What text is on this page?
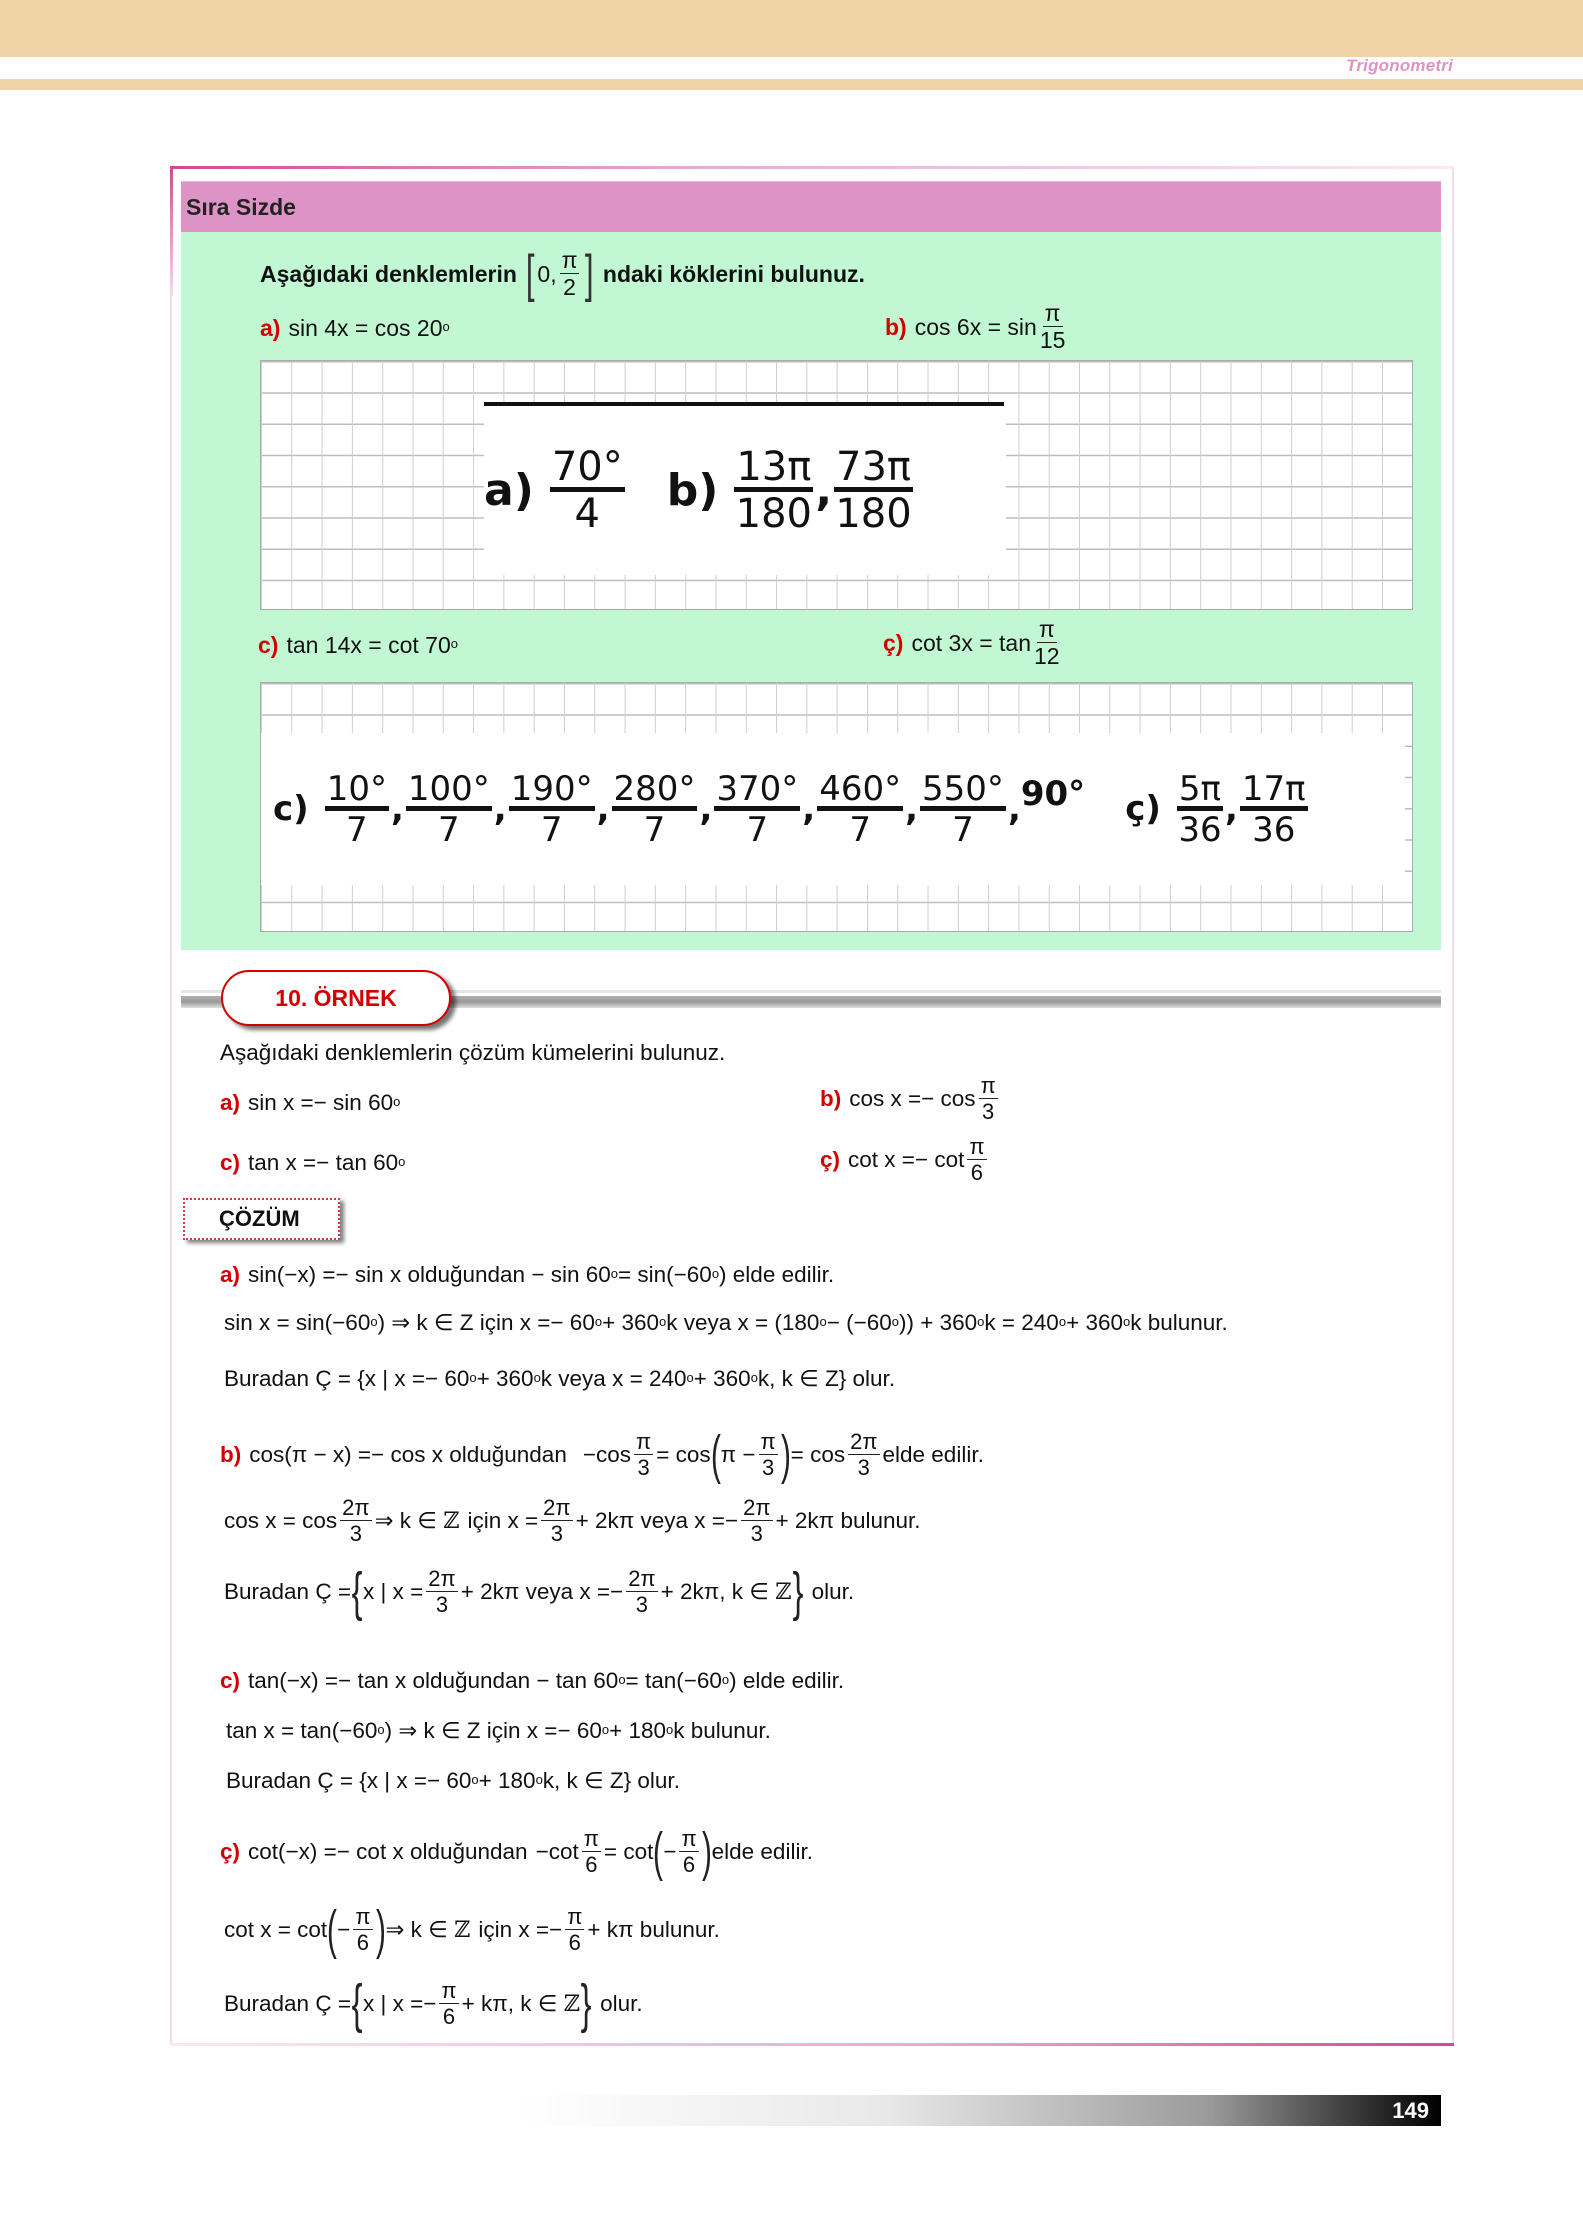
Trigonometri
Sıra Sizde
Aşağıdaki denklemlerin [ 0 , $\frac{\pi}{2}$ ] ndaki köklerini bulunuz.
a) sin 4x = cos 20$^o$	b) $\cos 6x = \sin \frac{\pi}{15}$
$a) \frac{70^\circ}{4} b) \frac{13\pi}{180}$ , $\frac{73\pi}{180}$
c) tan 14x = cot 70$^o$	ç) $\cot 3x = \tan \frac{\pi}{12}$
$c) \frac{10^\circ}{7}$ , $\frac{100^\circ}{7}$ , $\frac{190^\circ}{7}$ , $\frac{280^\circ}{7}$ , $\frac{370^\circ}{7}$ , $\frac{460^\circ}{7}$ , $\frac{550^\circ}{7}$ , 90° ç) $\frac{5\pi}{36}$ , $\frac{17\pi}{36}$
10. ÖRNEK
Aşağıdaki denklemlerin çözüm kümelerini bulunuz.
a) sin x =− sin 60$^o$	b) $\cos x =- \cos \frac{\pi}{3}$
c) tan x =− tan 60$^o$	ç) $\cot x =- \cot \frac{\pi}{6}$
ÇÖZÜM
a) sin(−x) =− sin x olduğundan − $\sin 60^o = \sin(-60^o$ ) elde edilir.
$\sin x = \sin(-60^o$ ) ⇒ k ∈ Z için $x =- 60^o + 360^o$ k veya $x = (180^o - (-60^o$ )) + $360^o$ $k = 240^o + 360^o$ k bulunur.
Buradan Ç = {x | $x =- 60^o + 360^o$ k veya $x = 240^o + 360^o$ k, k ∈ Z} olur.
b) cos(π − x) =− cos x olduğundan $-\cos \frac{\pi}{3} = \cos$ ( $\pi - \frac{\pi}{3}$ ) = $\cos \frac{2\pi}{3}$ elde edilir.
$\cos x = \cos \frac{2\pi}{3}$ ⇒ k ∈
ℤ için $x = \frac{2\pi}{3} + 2k\pi$ veya $x =- \frac{2\pi}{3} + 2k\pi$ bulunur.
Buradan Ç = { x | $x = \frac{2\pi}{3} + 2k\pi$ veya $x =- \frac{2\pi}{3} + 2k\pi$, k ∈
ℤ } olur.
c) tan(−x) =− tan x olduğundan − $\tan 60^o = \tan(-60^o$ ) elde edilir.
$\tan x = \tan(-60^o$ ) ⇒ k ∈ Z için $x =- 60^o + 180^o$ k bulunur.
Buradan Ç = {x | $x =- 60^o + 180^o$ k, k ∈ Z} olur.
ç) cot(−x) =− cot x olduğundan $-\cot \frac{\pi}{6} = \cot$ ( − $\frac{\pi}{6}$ ) elde edilir.
cot x = cot ( − $\frac{\pi}{6}$ ) ⇒ k ∈
ℤ için $x =- \frac{\pi}{6} + k\pi$ bulunur.
Buradan Ç = { x | $x =- \frac{\pi}{6} + k\pi$, k ∈
ℤ } olur.
149
